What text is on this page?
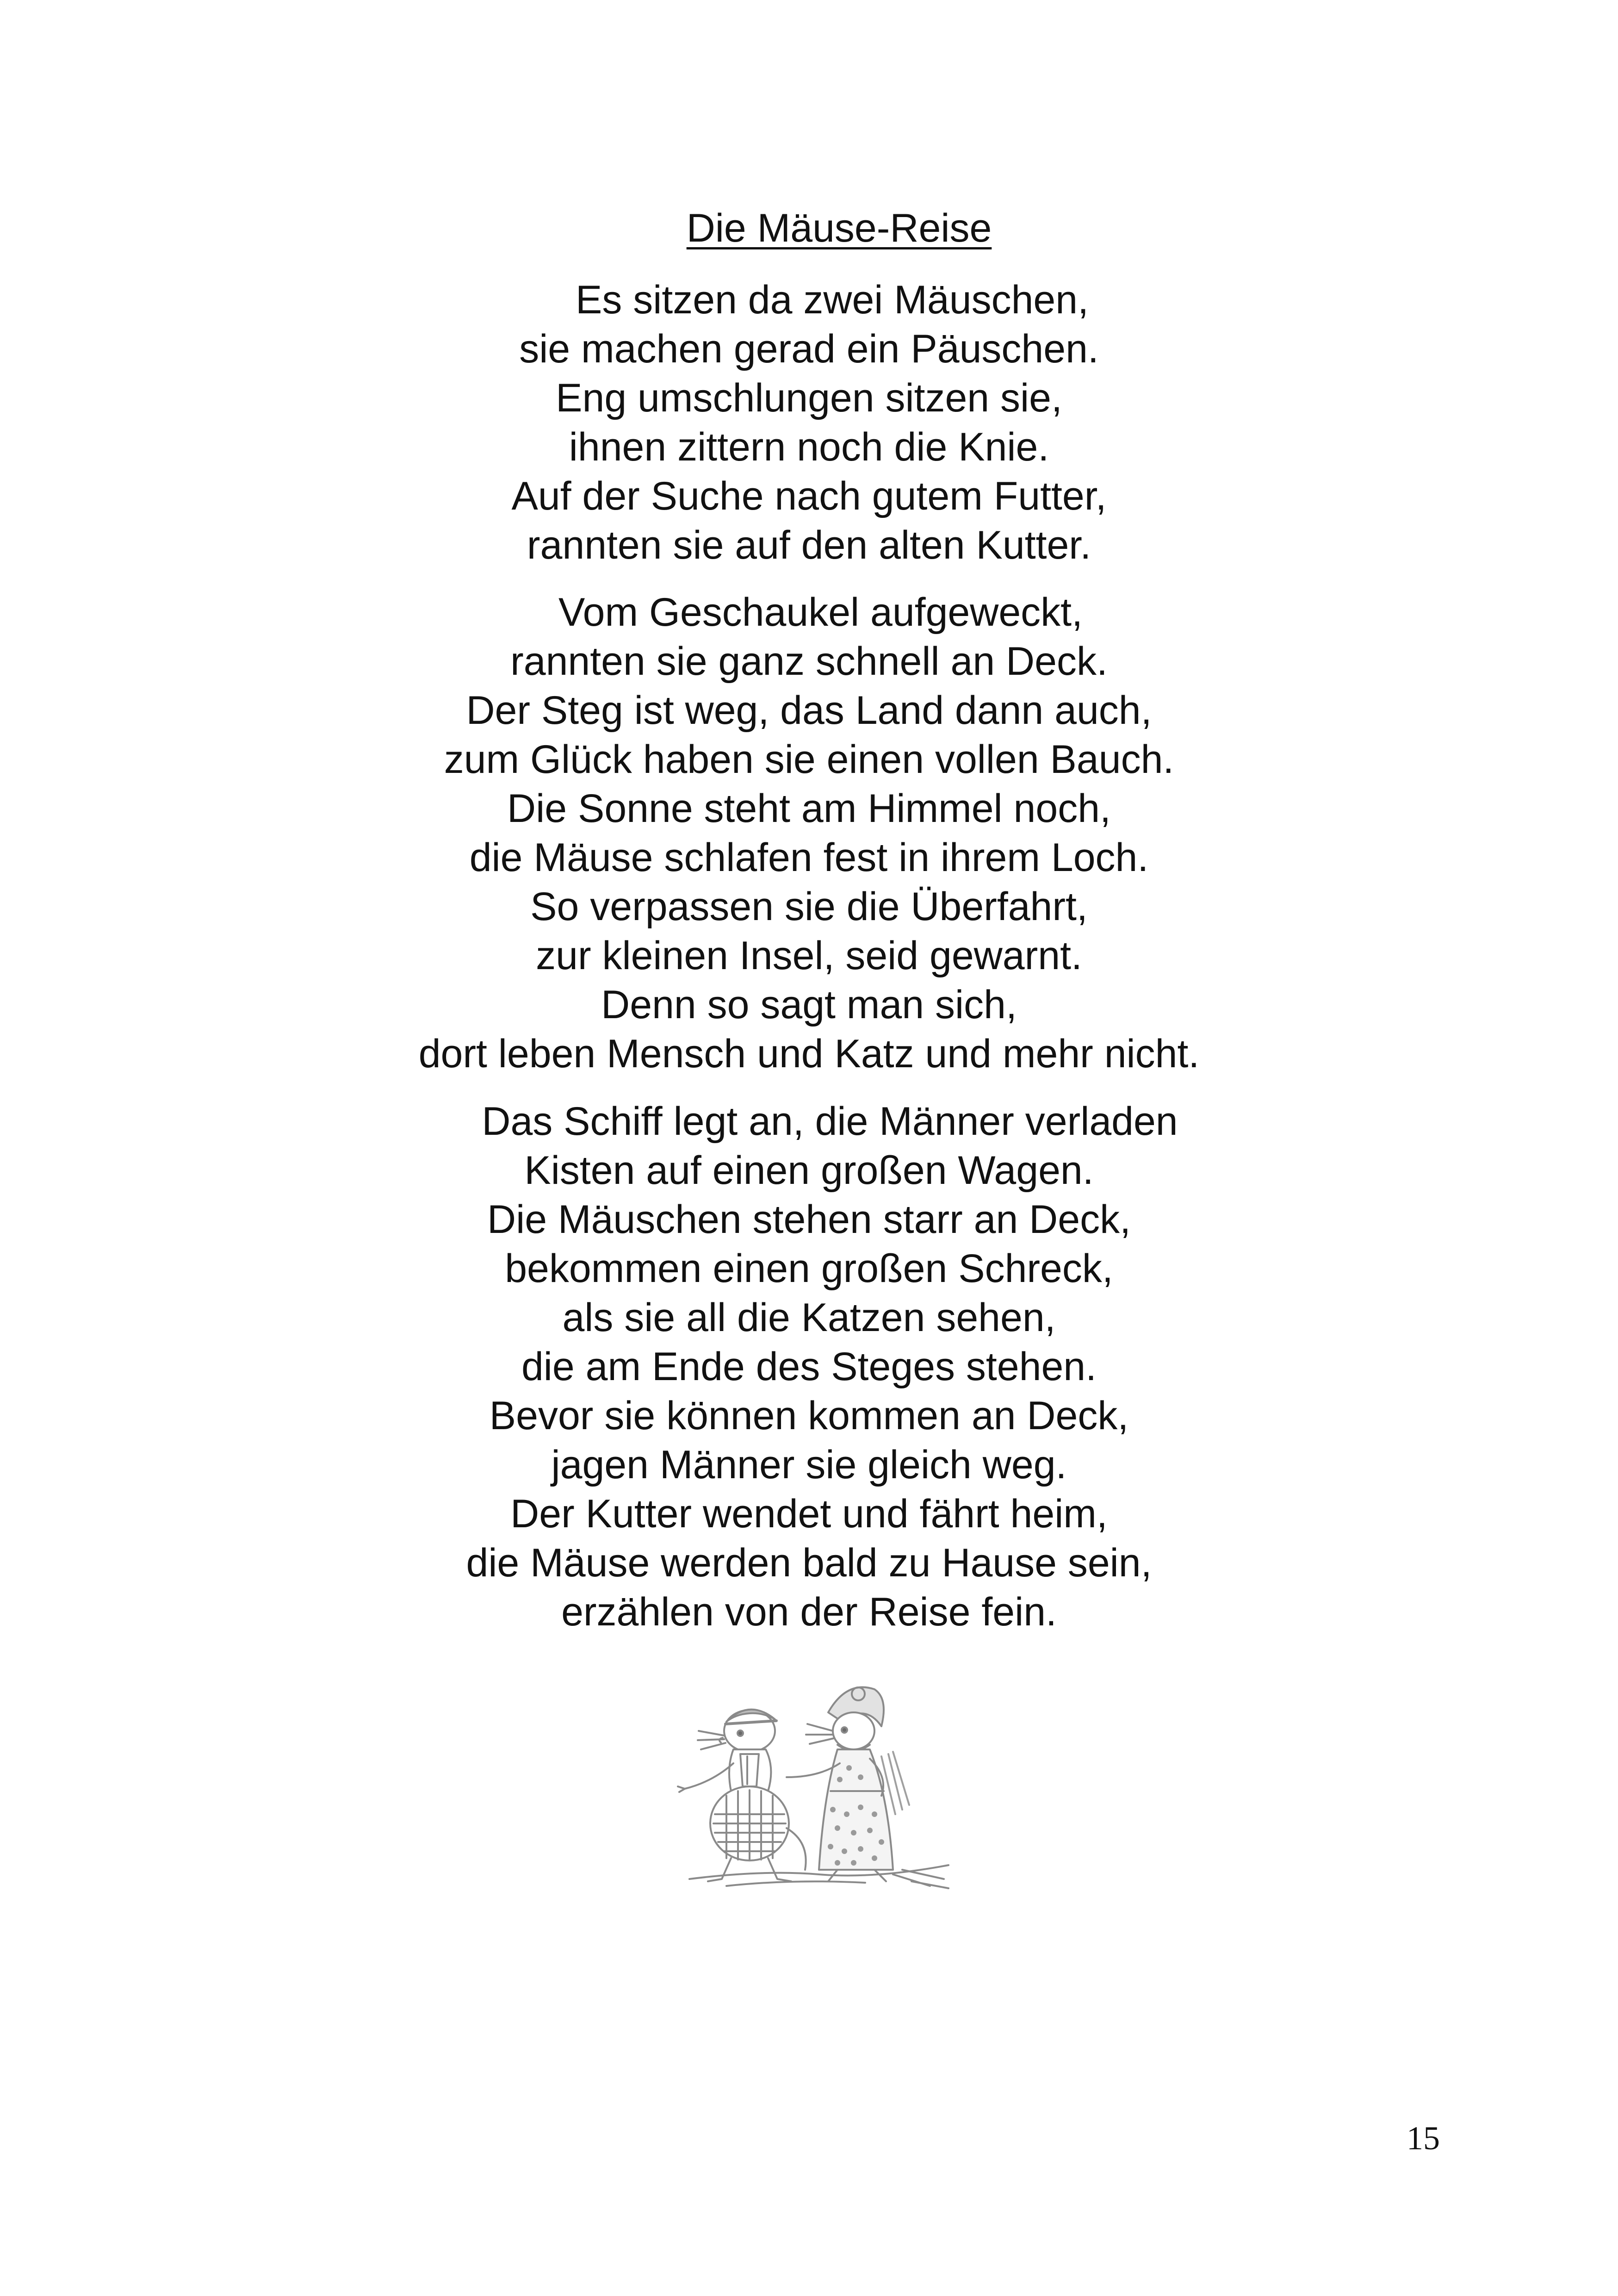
Die Mäuse-Reise
Es sitzen da zwei Mäuschen,
sie machen gerad ein Päuschen.
Eng umschlungen sitzen sie,
ihnen zittern noch die Knie.
Auf der Suche nach gutem Futter,
rannten sie auf den alten Kutter.
Vom Geschaukel aufgeweckt,
rannten sie ganz schnell an Deck.
Der Steg ist weg, das Land dann auch,
zum Glück haben sie einen vollen Bauch.
Die Sonne steht am Himmel noch,
die Mäuse schlafen fest in ihrem Loch.
So verpassen sie die Überfahrt,
zur kleinen Insel, seid gewarnt.
Denn so sagt man sich,
dort leben Mensch und Katz und mehr nicht.
Das Schiff legt an, die Männer verladen
Kisten auf einen großen Wagen.
Die Mäuschen stehen starr an Deck,
bekommen einen großen Schreck,
als sie all die Katzen sehen,
die am Ende des Steges stehen.
Bevor sie können kommen an Deck,
jagen Männer sie gleich weg.
Der Kutter wendet und fährt heim,
die Mäuse werden bald zu Hause sein,
erzählen von der Reise fein.
15
